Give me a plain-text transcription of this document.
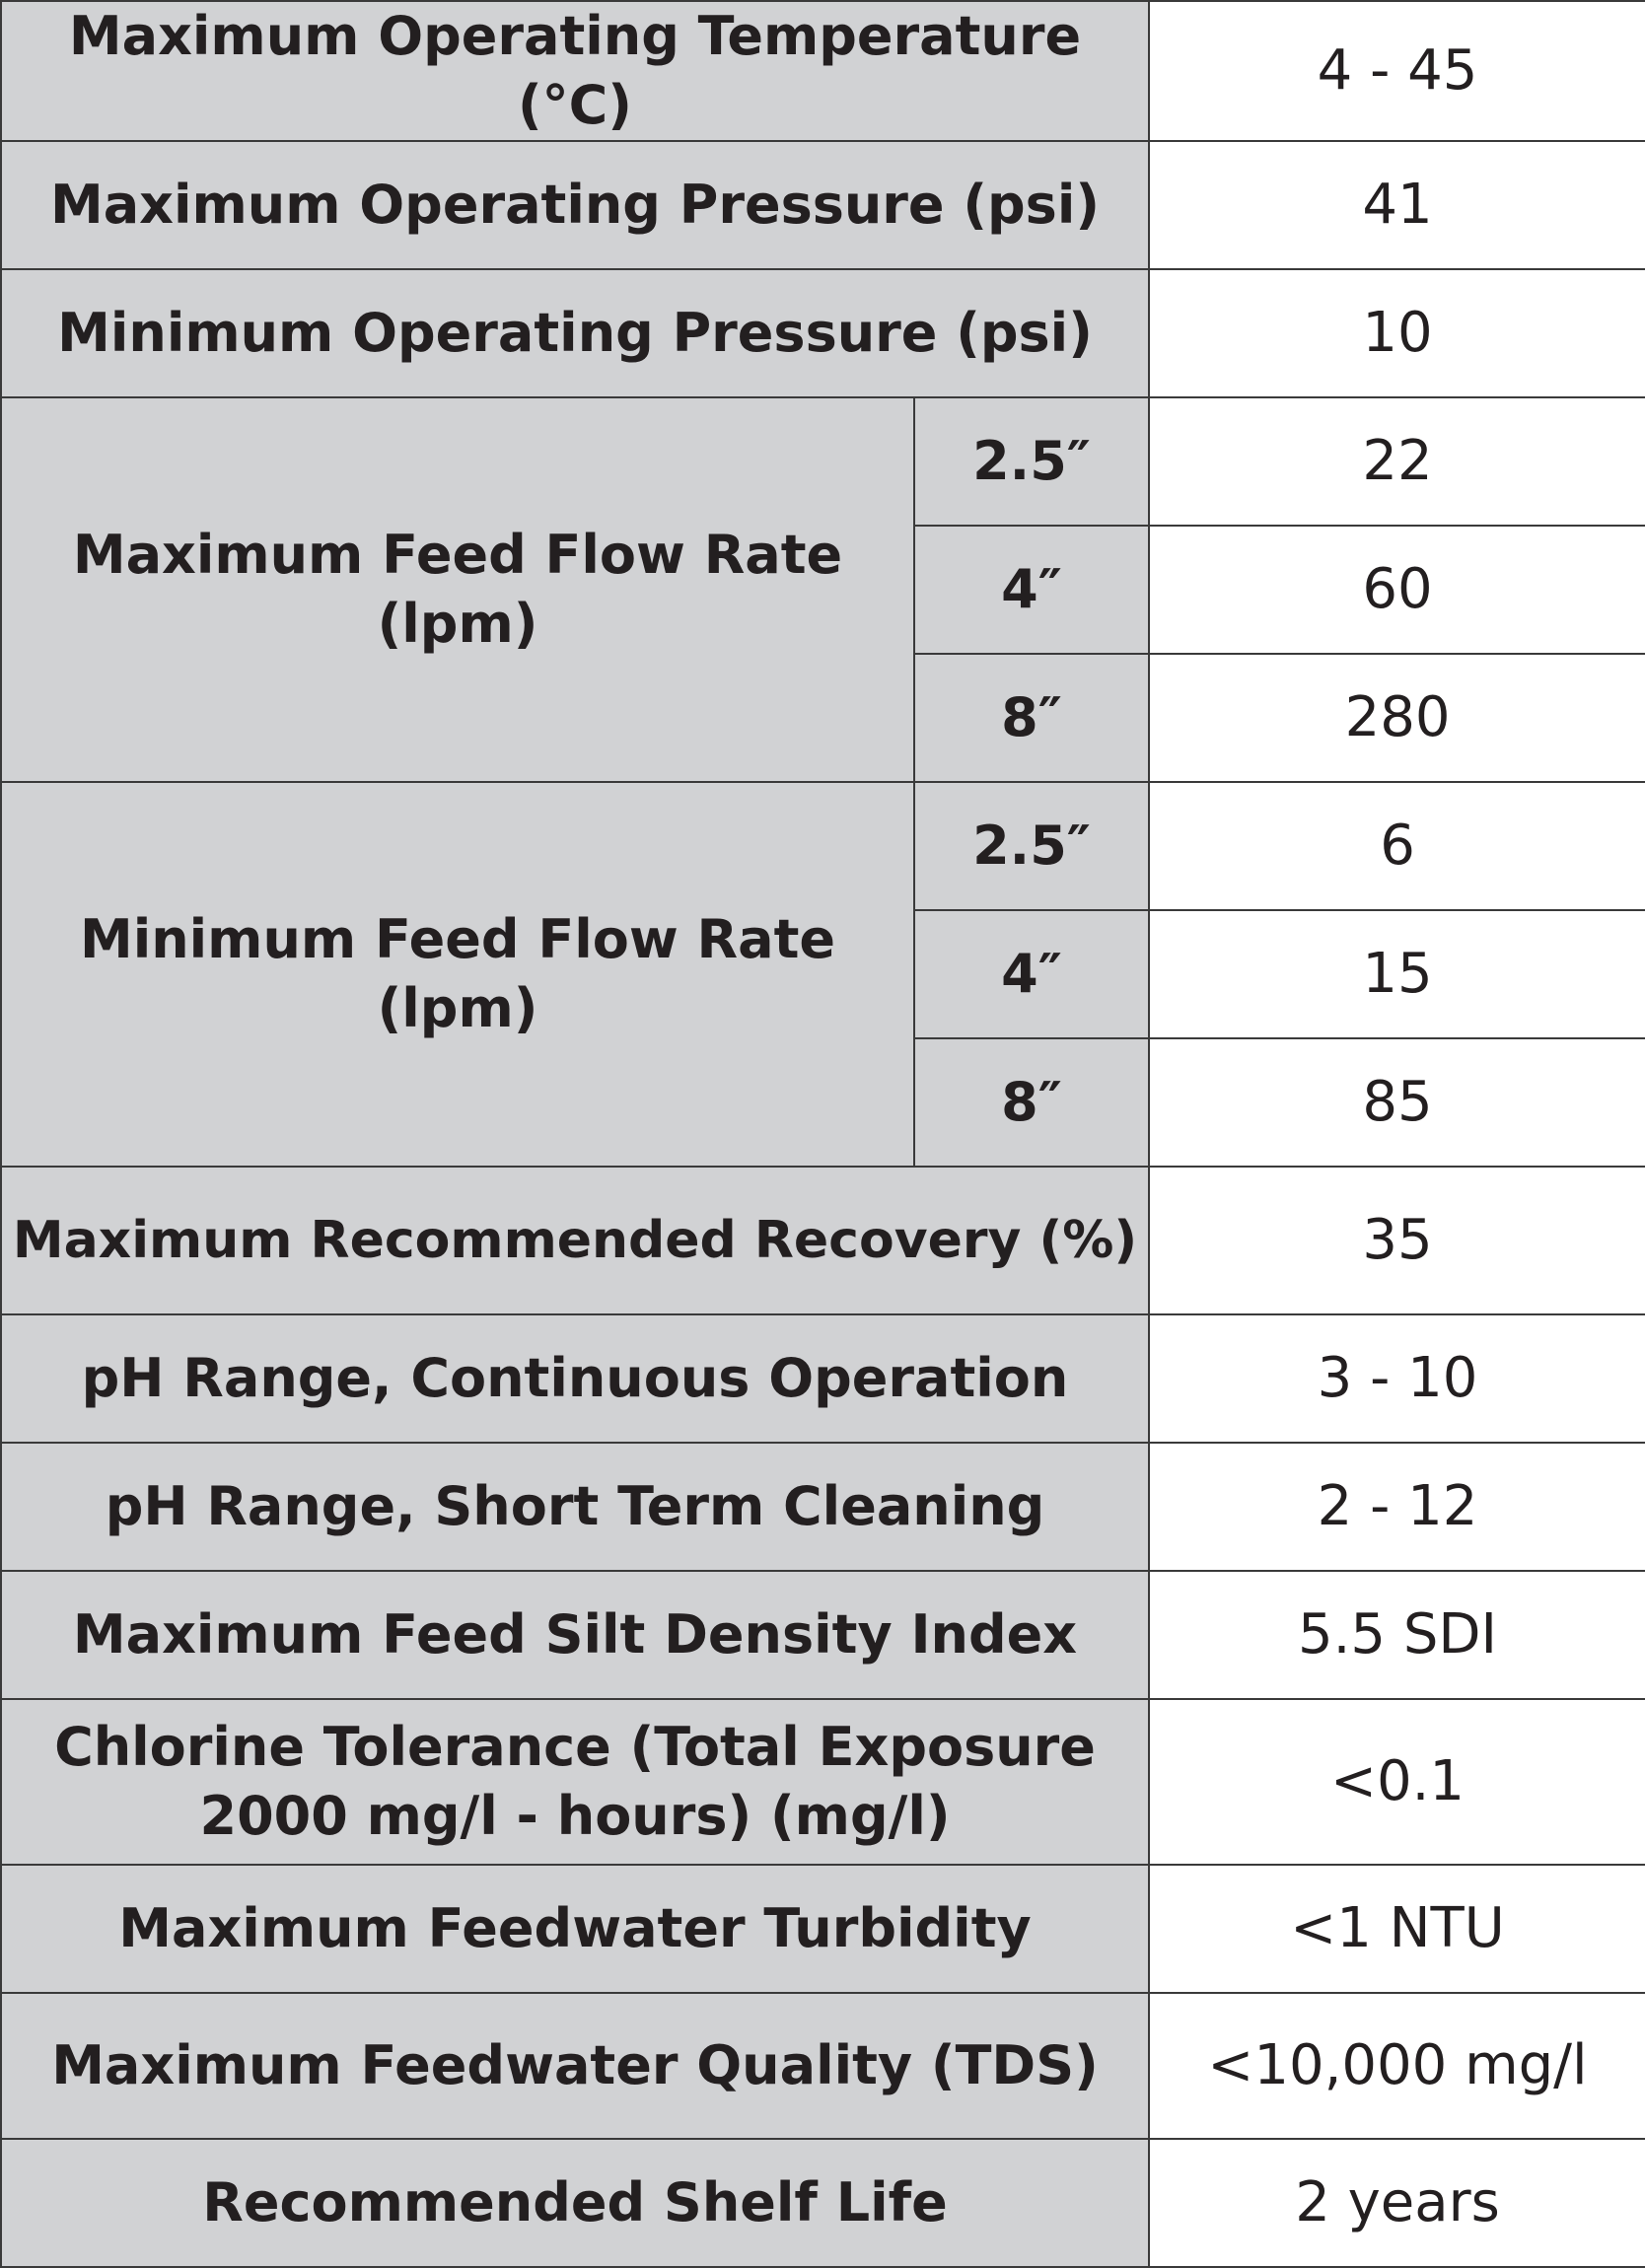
Maximum Operating Temperature (°C)		4 - 45
Maximum Operating Pressure (psi)		41
Minimum Operating Pressure (psi)		10
Maximum Feed Flow Rate
(lpm)	2.5″	22
	4″	60
	8″	280
Minimum Feed Flow Rate
(lpm)	2.5″	6
	4″	15
	8″	85
Maximum Recommended Recovery (%)		35
pH Range, Continuous Operation		3 - 10
pH Range, Short Term Cleaning		2 - 12
Maximum Feed Silt Density Index		5.5 SDI
Chlorine Tolerance (Total Exposure
2000 mg/l - hours) (mg/l)		<0.1
Maximum Feedwater Turbidity		<1 NTU
Maximum Feedwater Quality (TDS)		<10,000 mg/l
Recommended Shelf Life		2 years
